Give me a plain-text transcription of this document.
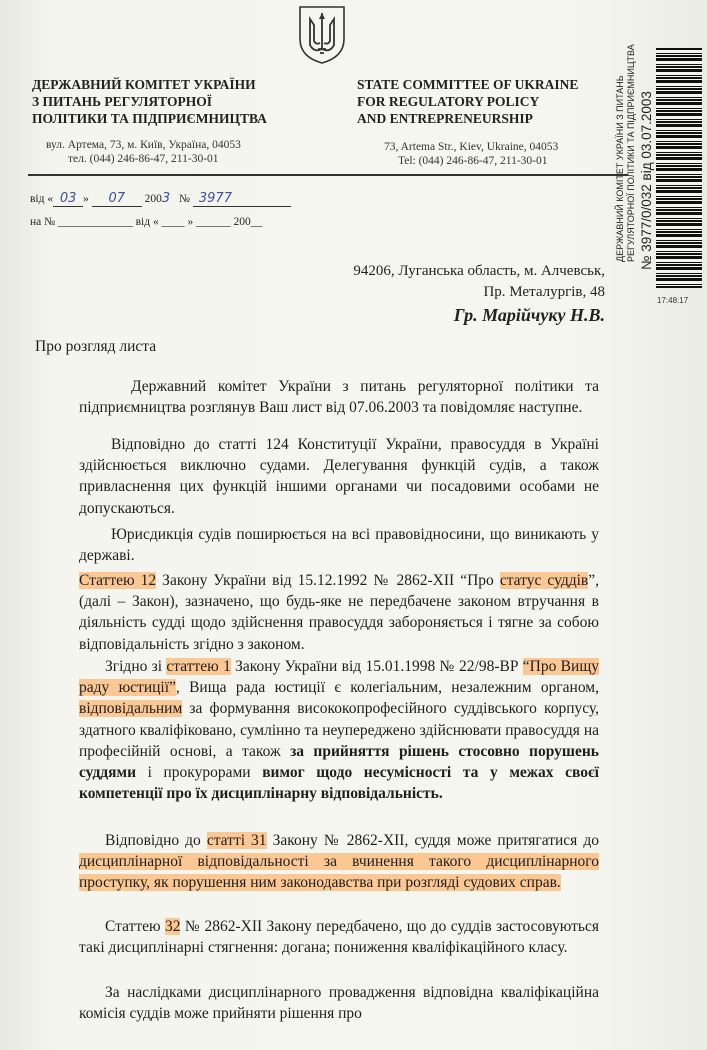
ДЕРЖАВНИЙ КОМІТЕТ УКРАЇНИ
З ПИТАНЬ РЕГУЛЯТОРНОЇ
ПОЛІТИКИ ТА ПІДПРИЄМНИЦТВА
STATE COMMITTEE OF UKRAINE
FOR REGULATORY POLICY
AND ENTREPRENEURSHIP
вул. Артема, 73, м. Київ, Україна, 04053
тел. (044) 246-86-47, 211-30-01
73, Artema Str., Kiev, Ukraine, 04053
Tel: (044) 246-86-47, 211-30-01
від « 03 » 07 2003 № 3977
на № _____________ від « ____ » ______ 200__	ДЕРЖАВНИЙ КОМІТЕТ УКРАЇНИ З ПИТАНЬ РЕГУЛЯТОРНОЇ ПОЛІТИКИ ТА ПІДПРИЄМНИЦТВА № 3977/0/032 від 03.07.2003
17:48:17
94206, Луганська область, м. Алчевськ,
Пр. Металургів, 48
Гр. Марійчуку Н.В.
Про розгляд листа
Державний комітет України з питань регуляторної політики та підприємництва розглянув Ваш лист від 07.06.2003 та повідомляє наступне.
Відповідно до статті 124 Конституції України, правосуддя в Україні здійснюється виключно судами. Делегування функцій судів, а також привласнення цих функцій іншими органами чи посадовими особами не допускаються.
Юрисдикція судів поширюється на всі правовідносини, що виникають у державі.
Статтею 12 Закону України від 15.12.1992 № 2862-XII “Про статус суддів”, (далі – Закон), зазначено, що будь-яке не передбачене законом втручання в діяльність судді щодо здійснення правосуддя забороняється і тягне за собою відповідальність згідно з законом.
Згідно зі статтею 1 Закону України від 15.01.1998 № 22/98-ВР “Про Вищу раду юстиції”, Вища рада юстиції є колегіальним, незалежним органом, відповідальним за формування висококопрофесійного суддівського корпусу, здатного кваліфіковано, сумлінно та неупереджено здійснювати правосуддя на професійній основі, а також за прийняття рішень стосовно порушень суддями і прокурорами вимог щодо несумісності та у межах своєї компетенції про їх дисциплінарну відповідальність.
Відповідно до статті 31 Закону № 2862-XII, суддя може притягатися до дисциплінарної відповідальності за вчинення такого дисциплінарного проступку, як порушення ним законодавства при розгляді судових справ.
Статтею 32 № 2862-XII Закону передбачено, що до суддів застосовуються такі дисциплінарні стягнення: догана; пониження кваліфікаційного класу.
За наслідками дисциплінарного провадження відповідна кваліфікаційна комісія суддів може прийняти рішення про
